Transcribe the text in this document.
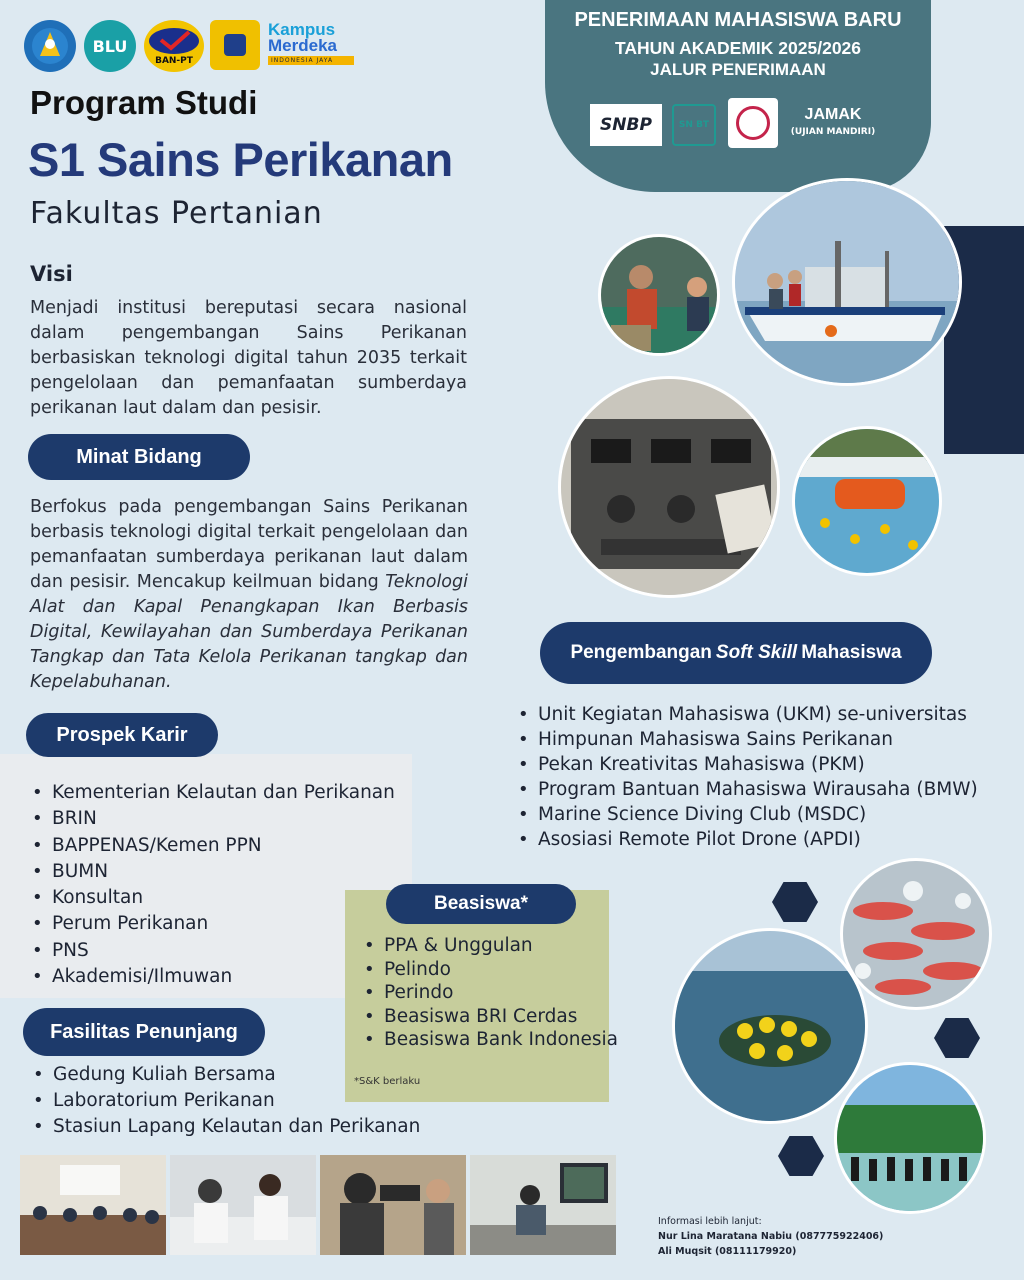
BLU
BAN-PT
Kampus
Merdeka
INDONESIA JAYA
Program Studi
S1 Sains Perikanan
Fakultas Pertanian
Visi

Menjadi institusi bereputasi secara nasional dalam pengembangan Sains Perikanan berbasiskan teknologi digital tahun 2035 terkait pengelolaan dan pemanfaatan sumberdaya perikanan laut dalam dan pesisir.

Minat Bidang

Berfokus pada pengembangan Sains Perikanan berbasis teknologi digital terkait pengelolaan dan pemanfaatan sumberdaya perikanan laut dalam dan pesisir. Mencakup keilmuan bidang Teknologi Alat dan Kapal Penangkapan Ikan Berbasis Digital, Kewilayahan dan Sumberdaya Perikanan Tangkap dan Tata Kelola Perikanan tangkap dan Kepelabuhanan.

Prospek Karir
• Kementerian Kelautan dan Perikanan
• BRIN
• BAPPENAS/Kemen PPN
• BUMN
• Konsultan
• Perum Perikanan
• PNS
• Akademisi/Ilmuwan
Beasiswa*
• PPA & Unggulan
• Pelindo
• Perindo
• Beasiswa BRI Cerdas
• Beasiswa Bank Indonesia
*S&K berlaku
Fasilitas Penunjang
• Gedung Kuliah Bersama
• Laboratorium Perikanan
• Stasiun Lapang Kelautan dan Perikanan
PENERIMAAN MAHASISWA BARU
TAHUN AKADEMIK 2025/2026
JALUR PENERIMAAN
SNBP	SN BT
JAMAK
(UJIAN MANDIRI)
Pengembangan Soft Skill Mahasiswa
• Unit Kegiatan Mahasiswa (UKM) se-universitas
• Himpunan Mahasiswa Sains Perikanan
• Pekan Kreativitas Mahasiswa (PKM)
• Program Bantuan Mahasiswa Wirausaha (BMW)
• Marine Science Diving Club (MSDC)
• Asosiasi Remote Pilot Drone (APDI)
Informasi lebih lanjut:
Nur Lina Maratana Nabiu (087775922406)
Ali Muqsit (08111179920)
